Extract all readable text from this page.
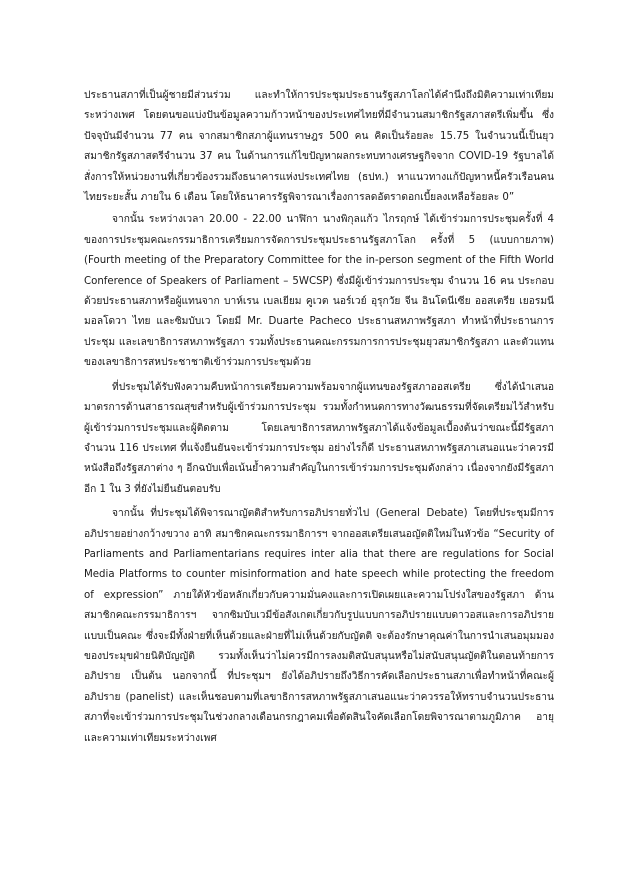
ประธานสภาที่เป็นผู้ชายมีส่วนร่วม และทำให้การประชุมประธานรัฐสภาโลกได้คำนึงถึงมิติความเท่าเทียมระหว่างเพศ โดยตนขอแบ่งปันข้อมูลความก้าวหน้าของประเทศไทยที่มีจำนวนสมาชิกรัฐสภาสตรีเพิ่มขึ้น ซึ่งปัจจุบันมีจำนวน 77 คน จากสมาชิกสภาผู้แทนราษฎร 500 คน คิดเป็นร้อยละ 15.75 ในจำนวนนี้เป็นยุวสมาชิกรัฐสภาสตรีจำนวน 37 คน ในด้านการแก้ไขปัญหาผลกระทบทางเศรษฐกิจจาก COVID-19 รัฐบาลได้สั่งการให้หน่วยงานที่เกี่ยวข้องรวมถึงธนาคารแห่งประเทศไทย (ธปท.) หาแนวทางแก้ปัญหาหนี้ครัวเรือนคนไทยระยะสั้น ภายใน 6 เดือน โดยให้ธนาคารรัฐพิจารณาเรื่องการลดอัตราดอกเบี้ยลงเหลือร้อยละ 0”

จากนั้น ระหว่างเวลา 20.00 - 22.00 นาฬิกา นางพิกุลแก้ว ไกรฤกษ์ ได้เข้าร่วมการประชุมครั้งที่ 4 ของการประชุมคณะกรรมาธิการเตรียมการจัดการประชุมประธานรัฐสภาโลก ครั้งที่ 5 (แบบกายภาพ) (Fourth meeting of the Preparatory Committee for the in-person segment of the Fifth World Conference of Speakers of Parliament – 5WCSP) ซึ่งมีผู้เข้าร่วมการประชุม จำนวน 16 คน ประกอบด้วยประธานสภาหรือผู้แทนจาก บาห์เรน เบลเยียม คูเวต นอร์เวย์ อุรุกวัย จีน อินโดนีเซีย ออสเตรีย เยอรมนี มอลโดวา ไทย และซิมบับเว โดยมี Mr. Duarte Pacheco ประธานสหภาพรัฐสภา ทำหน้าที่ประธานการประชุม และเลขาธิการสหภาพรัฐสภา รวมทั้งประธานคณะกรรมการการประชุมยุวสมาชิกรัฐสภา และตัวแทนของเลขาธิการสหประชาชาติเข้าร่วมการประชุมด้วย

ที่ประชุมได้รับฟังความคืบหน้าการเตรียมความพร้อมจากผู้แทนของรัฐสภาออสเตรีย ซึ่งได้นำเสนอมาตรการด้านสาธารณสุขสำหรับผู้เข้าร่วมการประชุม รวมทั้งกำหนดการทางวัฒนธรรมที่จัดเตรียมไว้สำหรับผู้เข้าร่วมการประชุมและผู้ติดตาม โดยเลขาธิการสหภาพรัฐสภาได้แจ้งข้อมูลเบื้องต้นว่าขณะนี้มีรัฐสภาจำนวน 116 ประเทศ ที่แจ้งยืนยันจะเข้าร่วมการประชุม อย่างไรก็ดี ประธานสหภาพรัฐสภาเสนอแนะว่าควรมีหนังสือถึงรัฐสภาต่าง ๆ อีกฉบับเพื่อเน้นย้ำความสำคัญในการเข้าร่วมการประชุมดังกล่าว เนื่องจากยังมีรัฐสภาอีก 1 ใน 3 ที่ยังไม่ยืนยันตอบรับ

จากนั้น ที่ประชุมได้พิจารณาญัตติสำหรับการอภิปรายทั่วไป (General Debate) โดยที่ประชุมมีการอภิปรายอย่างกว้างขวาง อาทิ สมาชิกคณะกรรมาธิการฯ จากออสเตรียเสนอญัตติใหม่ในหัวข้อ “Security of Parliaments and Parliamentarians requires inter alia that there are regulations for Social Media Platforms to counter misinformation and hate speech while protecting the freedom of expression” ภายใต้หัวข้อหลักเกี่ยวกับความมั่นคงและการเปิดเผยและความโปร่งใสของรัฐสภา ด้านสมาชิกคณะกรรมาธิการฯ จากซิมบับเวมีข้อสังเกตเกี่ยวกับรูปแบบการอภิปรายแบบดาวอสและการอภิปรายแบบเป็นคณะ ซึ่งจะมีทั้งฝ่ายที่เห็นด้วยและฝ่ายที่ไม่เห็นด้วยกับญัตติ จะต้องรักษาคุณค่าในการนำเสนอมุมมองของประมุขฝ่ายนิติบัญญัติ รวมทั้งเห็นว่าไม่ควรมีการลงมติสนับสนุนหรือไม่สนับสนุนญัตติในตอนท้ายการอภิปราย เป็นต้น นอกจากนี้ ที่ประชุมฯ ยังได้อภิปรายถึงวิธีการคัดเลือกประธานสภาเพื่อทำหน้าที่คณะผู้อภิปราย (panelist) และเห็นชอบตามที่เลขาธิการสหภาพรัฐสภาเสนอแนะว่าควรรอให้ทราบจำนวนประธานสภาที่จะเข้าร่วมการประชุมในช่วงกลางเดือนกรกฎาคมเพื่อตัดสินใจคัดเลือกโดยพิจารณาตามภูมิภาค อายุ และความเท่าเทียมระหว่างเพศ
